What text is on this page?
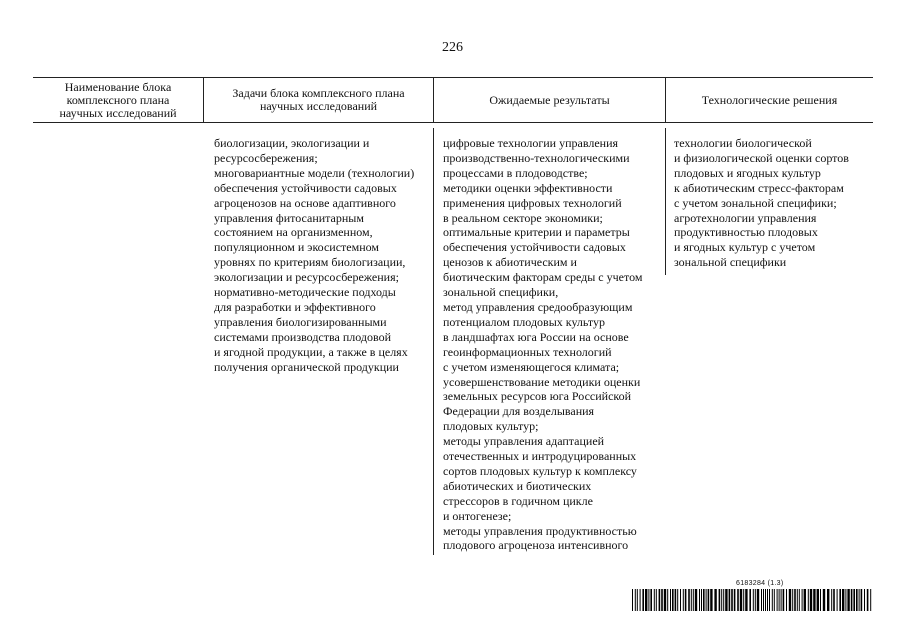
226
Наименование блока
комплексного плана
научных исследований
Задачи блока комплексного плана
научных исследований	Ожидаемые результаты	Технологические решения
биологизации, экологизации и
ресурсосбережения;
многовариантные модели (технологии)
обеспечения устойчивости садовых
агроценозов на основе адаптивного
управления фитосанитарным
состоянием на организменном,
популяционном и экосистемном
уровнях по критериям биологизации,
экологизации и ресурсосбережения;
нормативно-методические подходы
для разработки и эффективного
управления биологизированными
системами производства плодовой
и ягодной продукции, а также в целях
получения органической продукции
цифровые технологии управления
производственно-технологическими
процессами в плодоводстве;
методики оценки эффективности
применения цифровых технологий
в реальном секторе экономики;
оптимальные критерии и параметры
обеспечения устойчивости садовых
ценозов к абиотическим и
биотическим факторам среды с учетом
зональной специфики,
метод управления средообразующим
потенциалом плодовых культур
в ландшафтах юга России на основе
геоинформационных технологий
с учетом изменяющегося климата;
усовершенствование методики оценки
земельных ресурсов юга Российской
Федерации для возделывания
плодовых культур;
методы управления адаптацией
отечественных и интродуцированных
сортов плодовых культур к комплексу
абиотических и биотических
стрессоров в годичном цикле
и онтогенезе;
методы управления продуктивностью
плодового агроценоза интенсивного
технологии биологической
и физиологической оценки сортов
плодовых и ягодных культур
к абиотическим стресс-факторам
с учетом зональной специфики;
агротехнологии управления
продуктивностью плодовых
и ягодных культур с учетом
зональной специфики
6183284 (1.3)
